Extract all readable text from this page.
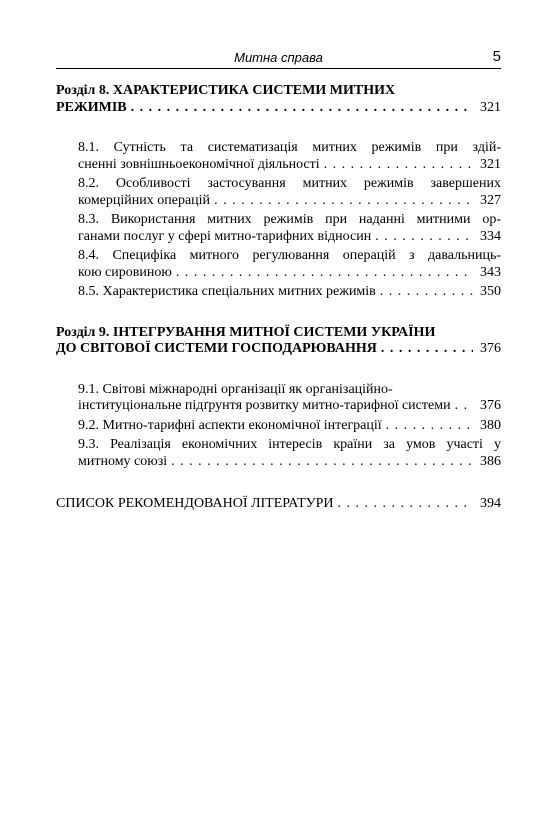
Митна справа	5
Розділ 8. ХАРАКТЕРИСТИКА СИСТЕМИ МИТНИХ
РЕЖИМІВ . . .	321
8.1. Сутність та систематизація митних режимів при здій-
сненні зовнішньоекономічної діяльності . . .	321
8.2. Особливості застосування митних режимів завершених
комерційних операцій . . .	327
8.3. Використання митних режимів при наданні митними ор-
ганами послуг у сфері митно-тарифних відносин . . .	334
8.4. Специфіка митного регулювання операцій з давальниць-
кою сировиною . . .	343
8.5. Характеристика спеціальних митних режимів . . .	350
Розділ 9. ІНТЕГРУВАННЯ МИТНОЇ СИСТЕМИ УКРАЇНИ
ДО СВІТОВОЇ СИСТЕМИ ГОСПОДАРЮВАННЯ . . .	376
9.1. Світові міжнародні організації як організаційно-
інституціональне підґрунтя розвитку митно-тарифної системи . . . 376
9.2. Митно-тарифні аспекти економічної інтеграції . . .	380
9.3. Реалізація економічних інтересів країни за умов участі у
митному союзі . . .	386
СПИСОК РЕКОМЕНДОВАНОЇ ЛІТЕРАТУРИ . . .	394
